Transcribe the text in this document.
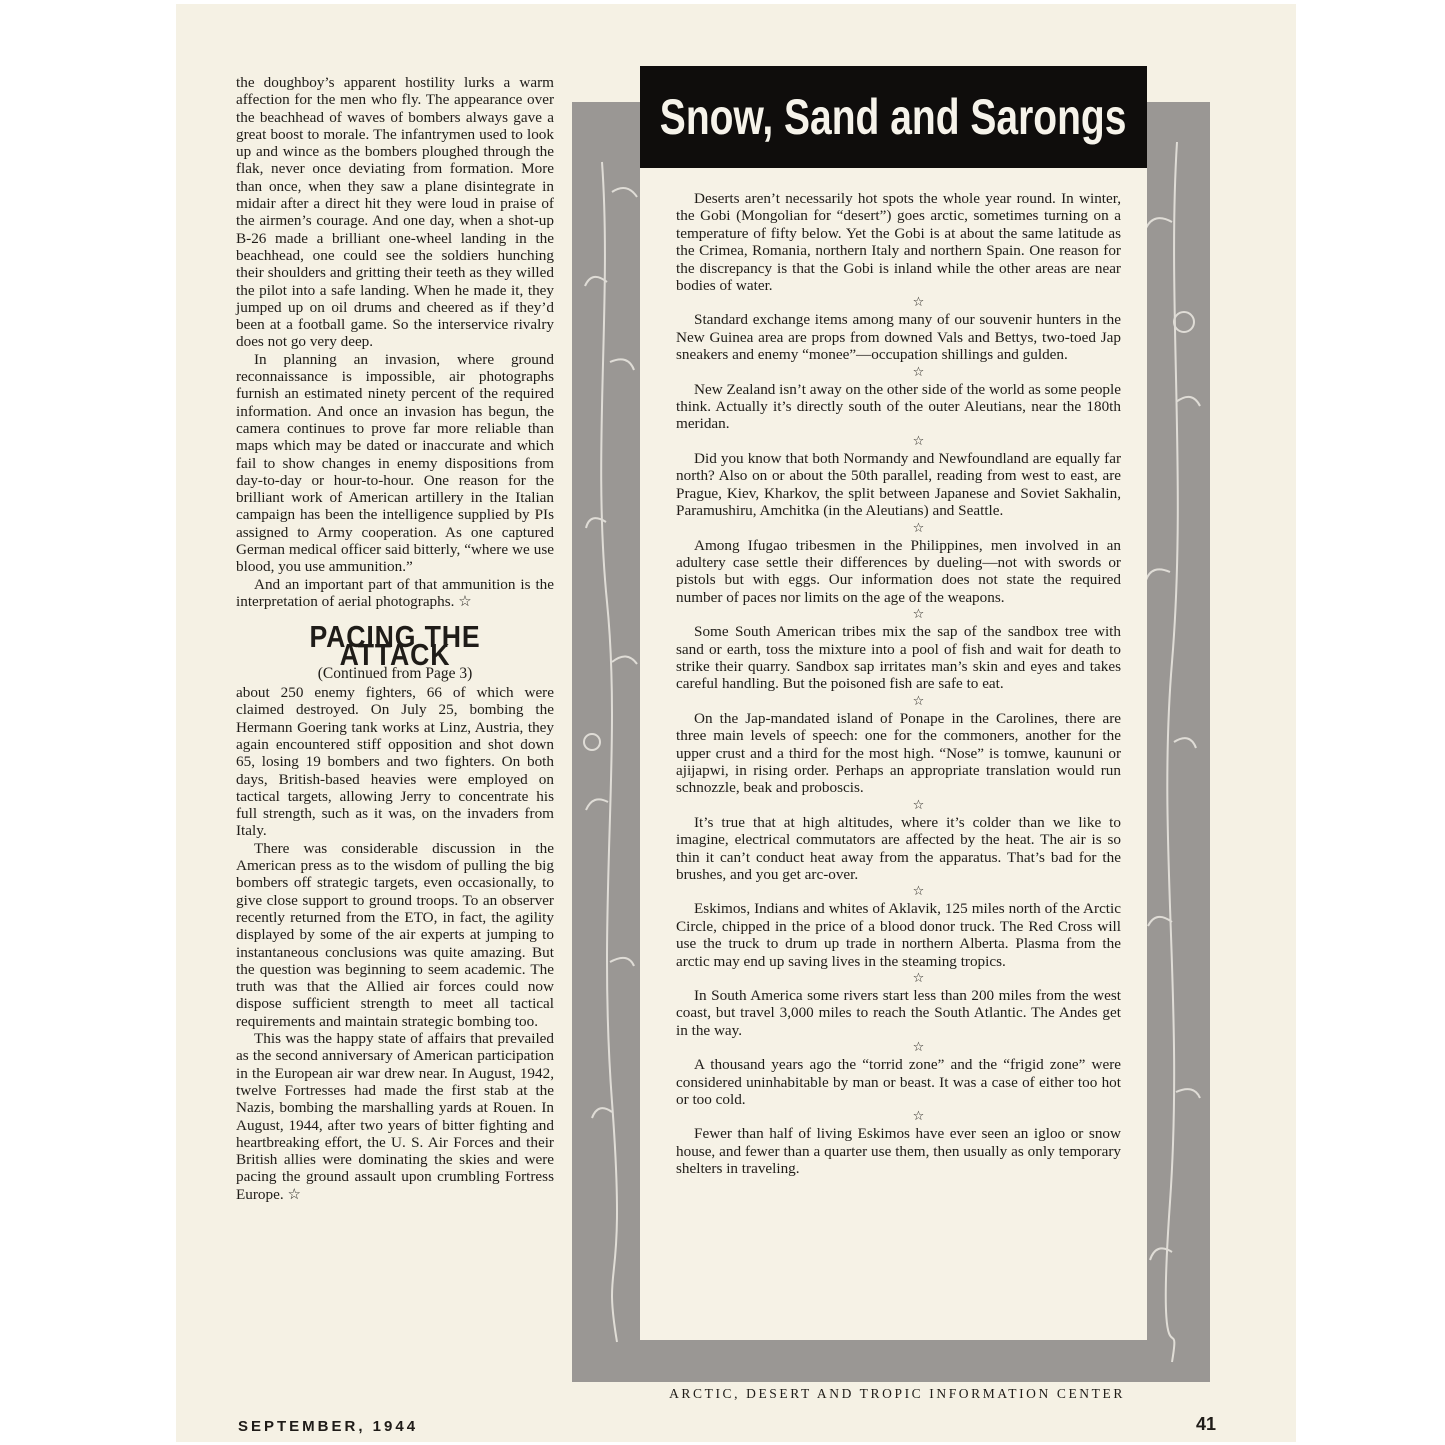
the doughboy’s apparent hostility lurks a warm affection for the men who fly. The appearance over the beachhead of waves of bombers always gave a great boost to morale. The infantrymen used to look up and wince as the bombers ploughed through the flak, never once deviating from formation. More than once, when they saw a plane disintegrate in midair after a direct hit they were loud in praise of the airmen’s courage. And one day, when a shot-up B-26 made a brilliant one-wheel landing in the beachhead, one could see the soldiers hunching their shoulders and gritting their teeth as they willed the pilot into a safe landing. When he made it, they jumped up on oil drums and cheered as if they’d been at a football game. So the interservice rivalry does not go very deep.

In planning an invasion, where ground reconnaissance is impossible, air photographs furnish an estimated ninety percent of the required information. And once an invasion has begun, the camera continues to prove far more reliable than maps which may be dated or inaccurate and which fail to show changes in enemy dispositions from day-to-day or hour-to-hour. One reason for the brilliant work of American artillery in the Italian campaign has been the intelligence supplied by PIs assigned to Army cooperation. As one captured German medical officer said bitterly, “where we use blood, you use ammunition.”

And an important part of that ammunition is the interpretation of aerial photographs. ☆

PACING THE ATTACK
(Continued from Page 3)

about 250 enemy fighters, 66 of which were claimed destroyed. On July 25, bombing the Hermann Goering tank works at Linz, Austria, they again encountered stiff opposition and shot down 65, losing 19 bombers and two fighters. On both days, British-based heavies were employed on tactical targets, allowing Jerry to concentrate his full strength, such as it was, on the invaders from Italy.

There was considerable discussion in the American press as to the wisdom of pulling the big bombers off strategic targets, even occasionally, to give close support to ground troops. To an observer recently returned from the ETO, in fact, the agility displayed by some of the air experts at jumping to instantaneous conclusions was quite amazing. But the question was beginning to seem academic. The truth was that the Allied air forces could now dispose sufficient strength to meet all tactical requirements and maintain strategic bombing too.

This was the happy state of affairs that prevailed as the second anniversary of American participation in the European air war drew near. In August, 1942, twelve Fortresses had made the first stab at the Nazis, bombing the marshalling yards at Rouen. In August, 1944, after two years of bitter fighting and heartbreaking effort, the U. S. Air Forces and their British allies were dominating the skies and were pacing the ground assault upon crumbling Fortress Europe. ☆

Snow, Sand and Sarongs

Deserts aren’t necessarily hot spots the whole year round. In winter, the Gobi (Mongolian for “desert”) goes arctic, sometimes turning on a temperature of fifty below. Yet the Gobi is at about the same latitude as the Crimea, Romania, northern Italy and northern Spain. One reason for the discrepancy is that the Gobi is inland while the other areas are near bodies of water.

☆

Standard exchange items among many of our souvenir hunters in the New Guinea area are props from downed Vals and Bettys, two-toed Jap sneakers and enemy “monee”—occupation shillings and gulden.

☆

New Zealand isn’t away on the other side of the world as some people think. Actually it’s directly south of the outer Aleutians, near the 180th meridan.

☆

Did you know that both Normandy and Newfoundland are equally far north? Also on or about the 50th parallel, reading from west to east, are Prague, Kiev, Kharkov, the split between Japanese and Soviet Sakhalin, Paramushiru, Amchitka (in the Aleutians) and Seattle.

☆

Among Ifugao tribesmen in the Philippines, men involved in an adultery case settle their differences by dueling—not with swords or pistols but with eggs. Our information does not state the required number of paces nor limits on the age of the weapons.

☆

Some South American tribes mix the sap of the sandbox tree with sand or earth, toss the mixture into a pool of fish and wait for death to strike their quarry. Sandbox sap irritates man’s skin and eyes and takes careful handling. But the poisoned fish are safe to eat.

☆

On the Jap-mandated island of Ponape in the Carolines, there are three main levels of speech: one for the commoners, another for the upper crust and a third for the most high. “Nose” is tomwe, kaununi or ajijapwi, in rising order. Perhaps an appropriate translation would run schnozzle, beak and proboscis.

☆

It’s true that at high altitudes, where it’s colder than we like to imagine, electrical commutators are affected by the heat. The air is so thin it can’t conduct heat away from the apparatus. That’s bad for the brushes, and you get arc-over.

☆

Eskimos, Indians and whites of Aklavik, 125 miles north of the Arctic Circle, chipped in the price of a blood donor truck. The Red Cross will use the truck to drum up trade in northern Alberta. Plasma from the arctic may end up saving lives in the steaming tropics.

☆

In South America some rivers start less than 200 miles from the west coast, but travel 3,000 miles to reach the South Atlantic. The Andes get in the way.

☆

A thousand years ago the “torrid zone” and the “frigid zone” were considered uninhabitable by man or beast. It was a case of either too hot or too cold.

☆

Fewer than half of living Eskimos have ever seen an igloo or snow house, and fewer than a quarter use them, then usually as only temporary shelters in traveling.

ARCTIC, DESERT AND TROPIC INFORMATION CENTER
SEPTEMBER, 1944	41
